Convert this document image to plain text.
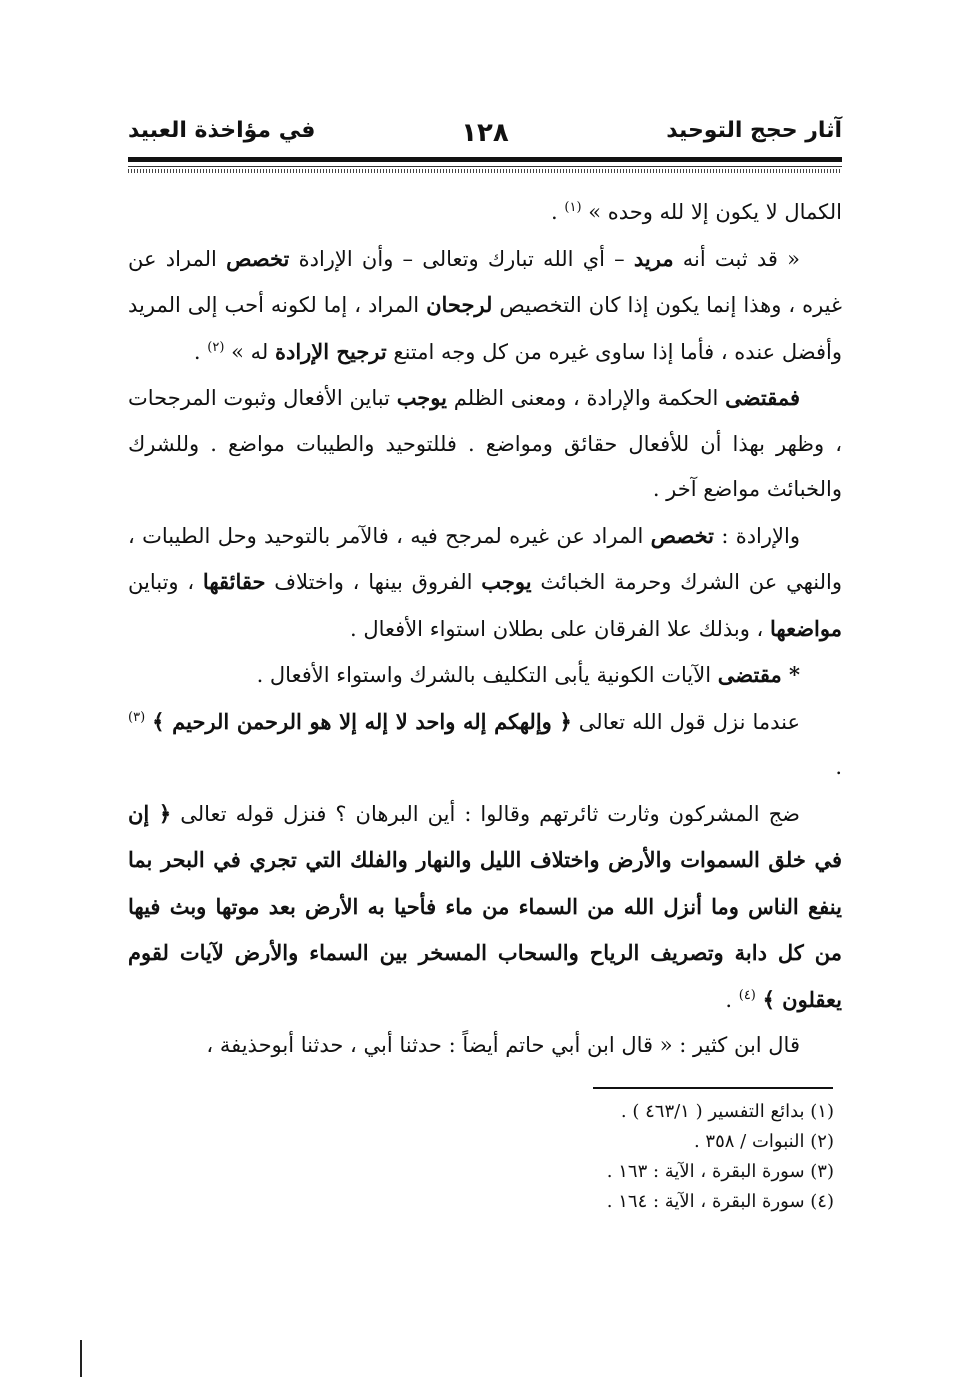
آثار حجج التوحيد
١٢٨
في مؤاخذة العبيد

الكمال لا يكون إلا لله وحده » $^{(١)}$ .

« قد ثبت أنه مريد – أي الله تبارك وتعالى – وأن الإرادة تخصص المراد عن غيره ، وهذا إنما يكون إذا كان التخصيص لرجحان المراد ، إما لكونه أحب إلى المريد وأفضل عنده ، فأما إذا ساوى غيره من كل وجه امتنع ترجيح الإرادة له » $^{(٢)}$ .

فمقتضى الحكمة والإرادة ، ومعنى الظلم يوجب تباين الأفعال وثبوت المرجحات ، وظهر بهذا أن للأفعال حقائق ومواضع . فللتوحيد والطيبات مواضع . وللشرك والخبائث مواضع آخر .

والإرادة : تخصص المراد عن غيره لمرجح فيه ، فالآمر بالتوحيد وحل الطيبات ، والنهي عن الشرك وحرمة الخبائث يوجب الفروق بينها ، واختلاف حقائقها ، وتباين مواضعها ، وبذلك علا الفرقان على بطلان استواء الأفعال .

* مقتضى الآيات الكونية يأبى التكليف بالشرك واستواء الأفعال .

عندما نزل قول الله تعالى ﴿ وإلهكم إله واحد لا إله إلا هو الرحمن الرحيم ﴾ $^{(٣)}$ .

ضج المشركون وثارت ثائرتهم وقالوا : أين البرهان ؟ فنزل قوله تعالى ﴿ إن في خلق السموات والأرض واختلاف الليل والنهار والفلك التي تجري في البحر بما ينفع الناس وما أنزل الله من السماء من ماء فأحيا به الأرض بعد موتها وبث فيها من كل دابة وتصريف الرياح والسحاب المسخر بين السماء والأرض لآيات لقوم يعقلون ﴾ $^{(٤)}$ .

قال ابن كثير : « قال ابن أبي حاتم أيضاً : حدثنا أبي ، حدثنا أبوحذيفة ،

(١) بدائع التفسير ( ٤٦٣/١ ) .
(٢) النبوات / ٣٥٨ .
(٣) سورة البقرة ، الآية : ١٦٣ .
(٤) سورة البقرة ، الآية : ١٦٤ .
